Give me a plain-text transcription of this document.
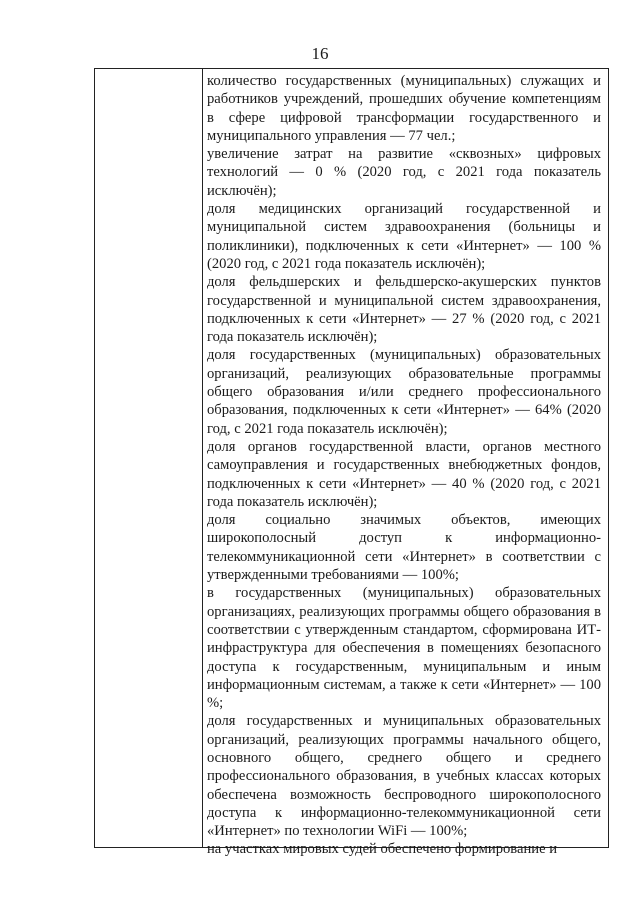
16

количество государственных (муниципальных) служащих и работников учреждений, прошедших обучение компетенциям в сфере цифровой трансформации государственного и муниципального управления — 77 чел.;

увеличение затрат на развитие «сквозных» цифровых технологий — 0 % (2020 год, с 2021 года показатель исключён);

доля медицинских организаций государственной и муниципальной систем здравоохранения (больницы и поликлиники), подключенных к сети «Интернет» — 100 % (2020 год, с 2021 года показатель исключён);

доля фельдшерских и фельдшерско-акушерских пунктов государственной и муниципальной систем здравоохранения, подключенных к сети «Интернет» — 27 % (2020 год, с 2021 года показатель исключён);

доля государственных (муниципальных) образовательных организаций, реализующих образовательные программы общего образования и/или среднего профессионального образования, подключенных к сети «Интернет» — 64% (2020 год, с 2021 года показатель исключён);

доля органов государственной власти, органов местного самоуправления и государственных внебюджетных фондов, подключенных к сети «Интернет» — 40 % (2020 год, с 2021 года показатель исключён);

доля социально значимых объектов, имеющих широкополосный доступ к информационно-телекоммуникационной сети «Интернет» в соответствии с утвержденными требованиями — 100%;

в государственных (муниципальных) образовательных организациях, реализующих программы общего образования в соответствии с утвержденным стандартом, сформирована ИТ-инфраструктура для обеспечения в помещениях безопасного доступа к государственным, муниципальным и иным информационным системам, а также к сети «Интернет» — 100 %;

доля государственных и муниципальных образовательных организаций, реализующих программы начального общего, основного общего, среднего общего и среднего профессионального образования, в учебных классах которых обеспечена возможность беспроводного широкополосного доступа к информационно-телекоммуникационной сети «Интернет» по технологии WiFi — 100%;

на участках мировых судей обеспечено формирование и
